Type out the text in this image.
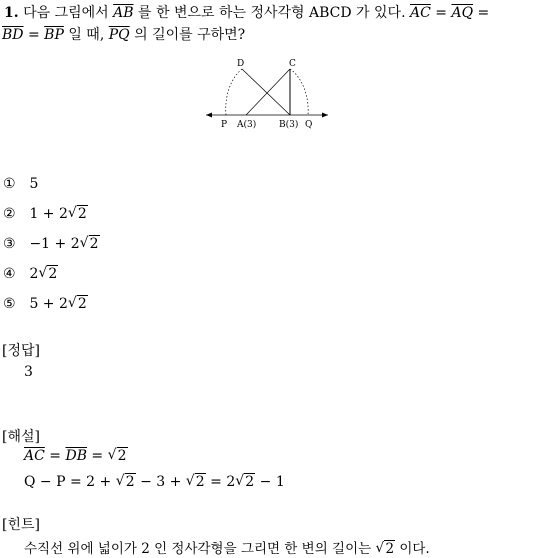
1. 다음 그림에서 $\overline{AB}$ 를 한 변으로 하는 정사각형 ABCD 가 있다. $\overline{AC} = \overline{AQ}$ =
$\overline{BD} = \overline{BP}$ 일 때, $\overline{PQ}$ 의 길이를 구하면?
D	C
P A(3)	B(3) Q
① 5
② 1 + 2 √ 2
③ −1 + 2 √ 2
④ 2 √ 2
⑤ 5 + 2 √ 2
[정답]
3
[해설]
$\overline{AC} = \overline{DB}$ = √ 2
Q − P = 2 + √ 2 − 3 + √ 2 = 2 √ 2 − 1
[힌트]
수직선 위에 넓이가 2 인 정사각형을 그리면 한 변의 길이는 √ 2 이다.
